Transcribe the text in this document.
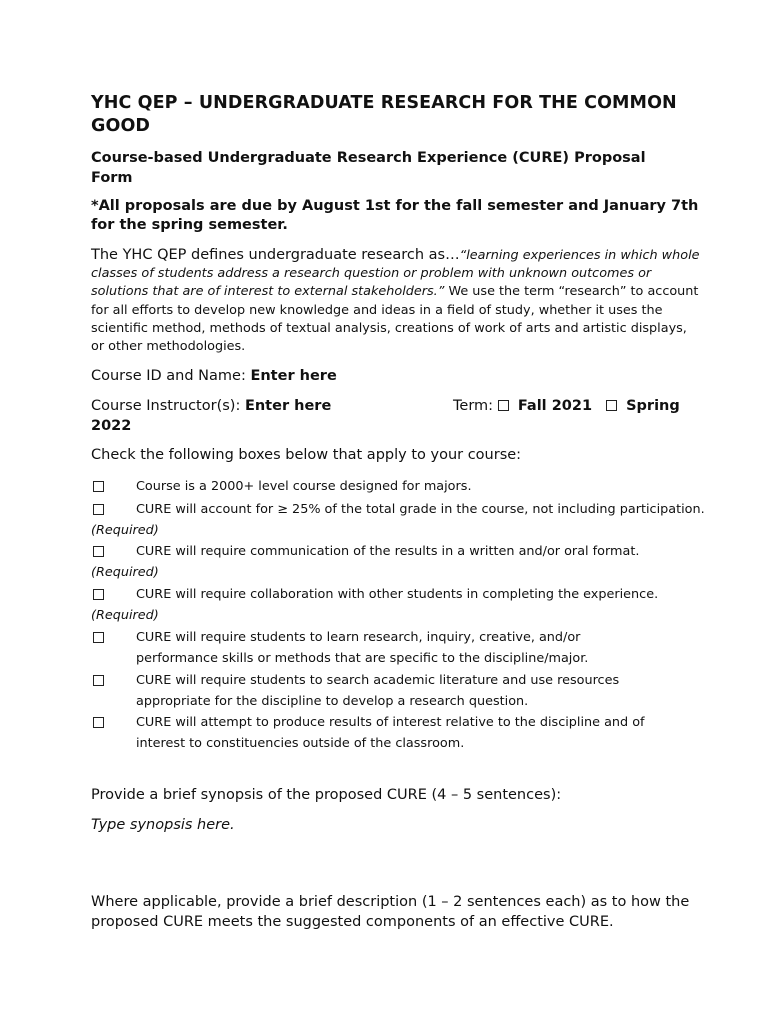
YHC QEP – UNDERGRADUATE RESEARCH FOR THE COMMON GOOD
Course-based Undergraduate Research Experience (CURE) Proposal Form
*All proposals are due by August 1st for the fall semester and January 7th for the spring semester.
The YHC QEP defines undergraduate research as…“learning experiences in which whole classes of students address a research question or problem with unknown outcomes or solutions that are of interest to external stakeholders.” We use the term “research” to account for all efforts to develop new knowledge and ideas in a field of study, whether it uses the scientific method, methods of textual analysis, creations of work of arts and artistic displays, or other methodologies.
Course ID and Name: Enter here
Course Instructor(s): Enter here	Term:   Fall 2021 Spring
2022
Check the following boxes below that apply to your course:
Course is a 2000+ level course designed for majors.
CURE will account for ≥ 25% of the total grade in the course, not including participation. (Required)
CURE will require communication of the results in a written and/or oral format.
(Required)
CURE will require collaboration with other students in completing the experience.
(Required)
CURE will require students to learn research, inquiry, creative, and/or performance skills or methods that are specific to the discipline/major.
CURE will require students to search academic literature and use resources appropriate for the discipline to develop a research question.
CURE will attempt to produce results of interest relative to the discipline and of interest to constituencies outside of the classroom.
Provide a brief synopsis of the proposed CURE (4 – 5 sentences):
Type synopsis here.
Where applicable, provide a brief description (1 – 2 sentences each) as to how the proposed CURE meets the suggested components of an effective CURE.
